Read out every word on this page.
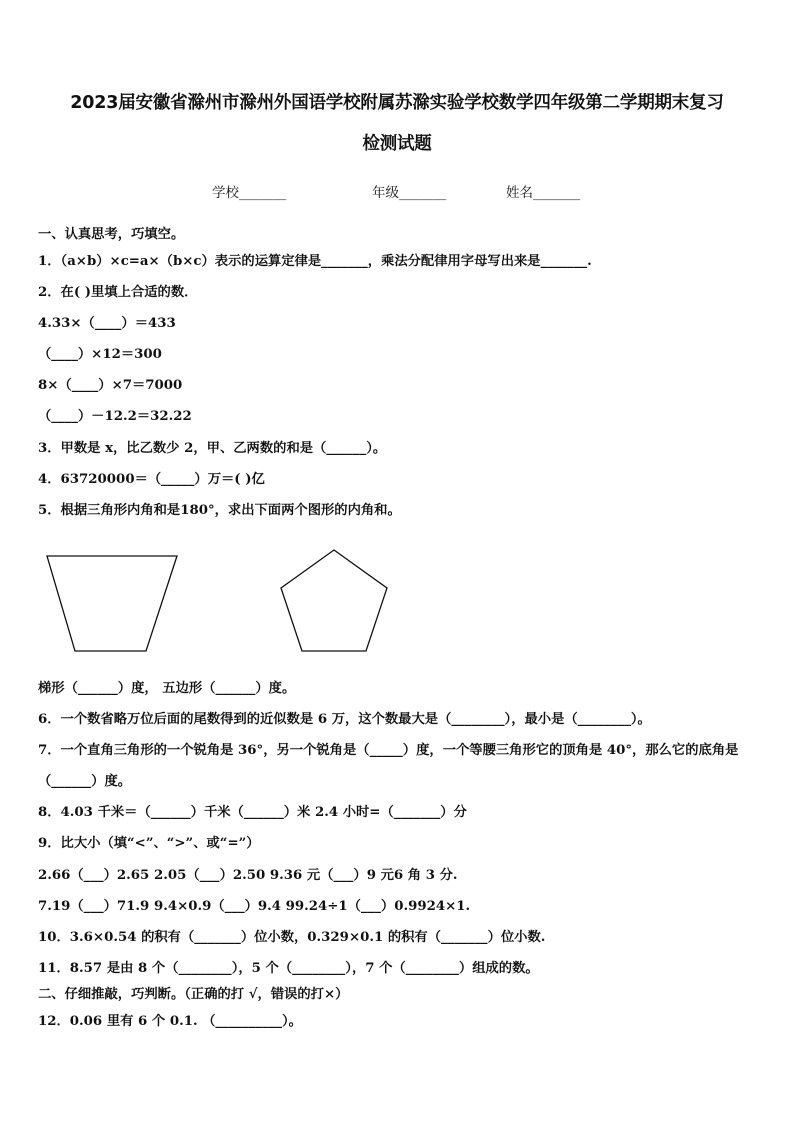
2023届安徽省滁州市滁州外国语学校附属苏滁实验学校数学四年级第二学期期末复习
检测试题
学校_______	年级_______	姓名_______
一、认真思考，巧填空。
1．（a×b）×c=a×（b×c）表示的运算定律是_______，乘法分配律用字母写出来是_______.
2．在( )里填上合适的数．
4.33×（____）＝433
（____）×12＝300
8×（____）×7＝7000
（____）－12.2＝32.22
3．甲数是 x，比乙数少 2，甲、乙两数的和是（______）。
4．63720000＝（_____）万＝( )亿
5．根据三角形内角和是180°，求出下面两个图形的内角和。
梯形（______）度， 五边形（______）度。
6．一个数省略万位后面的尾数得到的近似数是 6 万，这个数最大是（________），最小是（________）。
7．一个直角三角形的一个锐角是 36°，另一个锐角是（_____）度，一个等腰三角形它的顶角是 40°，那么它的底角是
（______）度。
8．4.03 千米＝（______）千米（______）米 2.4 小时=（_______）分
9．比大小（填“<”、“>”、或“=”）
2.66（___）2.65 2.05（___）2.50 9.36 元（___）9 元6 角 3 分.
7.19（___）71.9 9.4×0.9（___）9.4 99.24÷1（___）0.9924×1.
10．3.6×0.54 的积有（_______）位小数，0.329×0.1 的积有（_______）位小数.
11．8.57 是由 8 个（________），5 个（________），7 个（________）组成的数。
二、仔细推敲，巧判断。（正确的打 √，错误的打×）
12．0.06 里有 6 个 0.1. （__________）。
